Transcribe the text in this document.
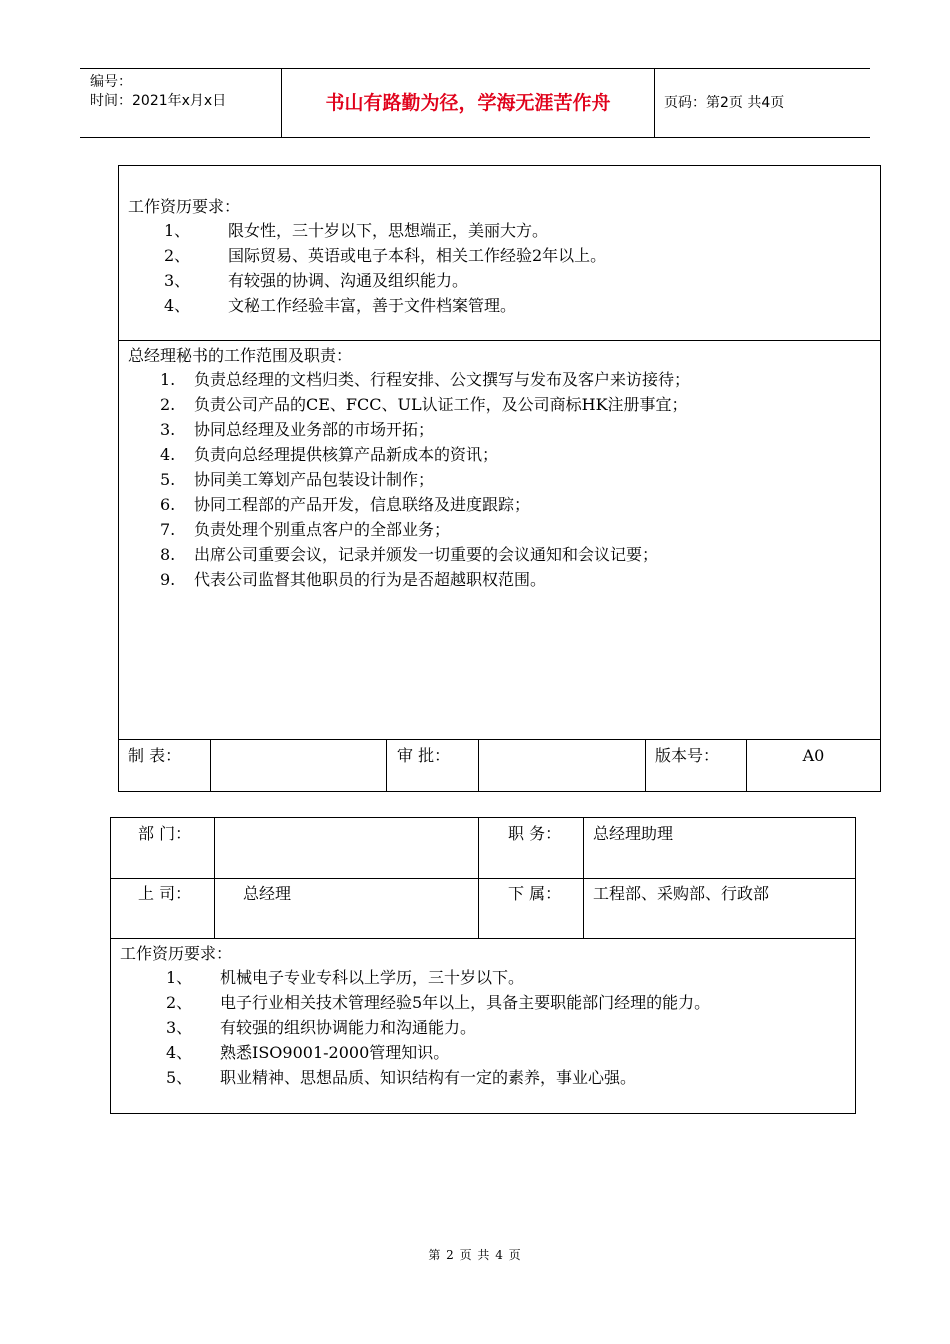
编号：
时间：2021年x月x日	书山有路勤为径，学海无涯苦作舟	页码：第2页 共4页
工作资历要求：
1、 限女性，三十岁以下，思想端正，美丽大方。
2、 国际贸易、英语或电子本科，相关工作经验2年以上。
3、 有较强的协调、沟通及组织能力。
4、 文秘工作经验丰富，善于文件档案管理。
总经理秘书的工作范围及职责：
1. 负责总经理的文档归类、行程安排、公文撰写与发布及客户来访接待；
2. 负责公司产品的CE、FCC、UL认证工作，及公司商标HK注册事宜；
3. 协同总经理及业务部的市场开拓；
4. 负责向总经理提供核算产品新成本的资讯；
5. 协同美工筹划产品包装设计制作；
6. 协同工程部的产品开发，信息联络及进度跟踪；
7. 负责处理个别重点客户的全部业务；
8. 出席公司重要会议，记录并颁发一切重要的会议通知和会议记要；
9. 代表公司监督其他职员的行为是否超越职权范围。
制 表：	审 批：	版本号：	A0
部 门：	职 务： 总经理助理
上 司：	总经理	下 属： 工程部、采购部、行政部
工作资历要求：
1、 机械电子专业专科以上学历，三十岁以下。
2、 电子行业相关技术管理经验5年以上，具备主要职能部门经理的能力。
3、 有较强的组织协调能力和沟通能力。
4、 熟悉ISO9001-2000管理知识。
5、 职业精神、思想品质、知识结构有一定的素养，事业心强。
第 2 页 共 4 页
